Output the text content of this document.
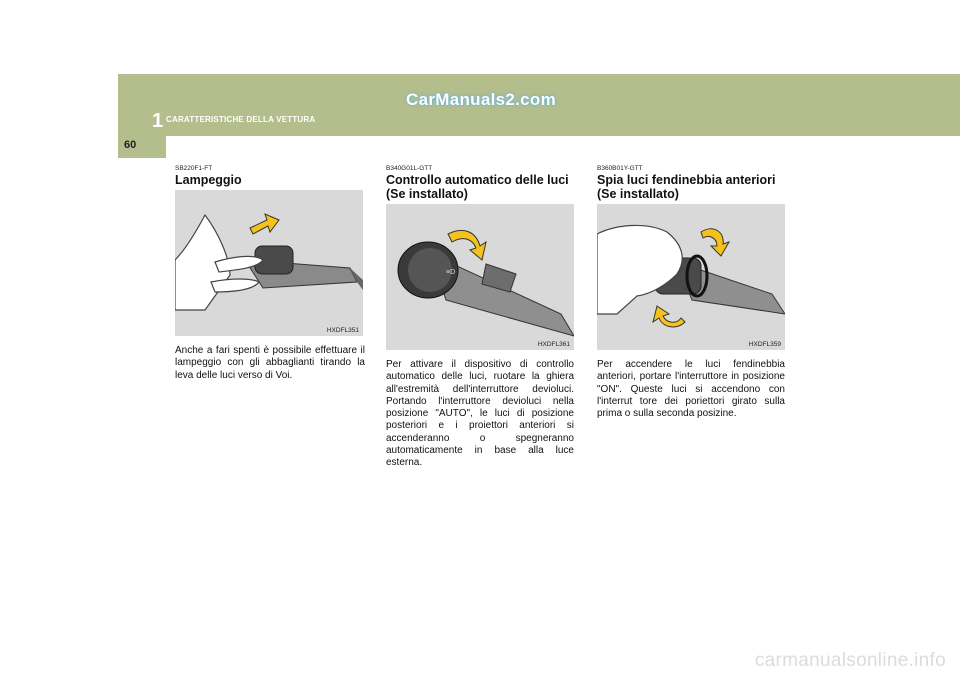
1 CARATTERISTICHE DELLA VETTURA
CarManuals2.com
60
SB220F1-FT
Lampeggio
HXDFL351
Anche a fari spenti è possibile effettuare il lampeggio con gli abbaglianti tirando la leva delle luci verso di Voi.
B340G01L-GTT
Controllo automatico delle luci (Se installato)
≡D
HXDFL361
Per attivare il dispositivo di controllo automatico delle luci, ruotare la ghiera all'estremità dell'interruttore devioluci. Portando l'interruttore devioluci nella posizione "AUTO", le luci di posizione posteriori e i proiettori anteriori si accenderanno o spegneranno automaticamente in base alla luce esterna.
B360B01Y-GTT
Spia luci fendinebbia anteriori (Se installato)
HXDFL359
Per accendere le luci fendinebbia anteriori, portare l'interruttore in posizione "ON". Queste luci si accendono con l'interrut tore dei poriettori girato sulla prima o sulla seconda posizine.
carmanualsonline.info
